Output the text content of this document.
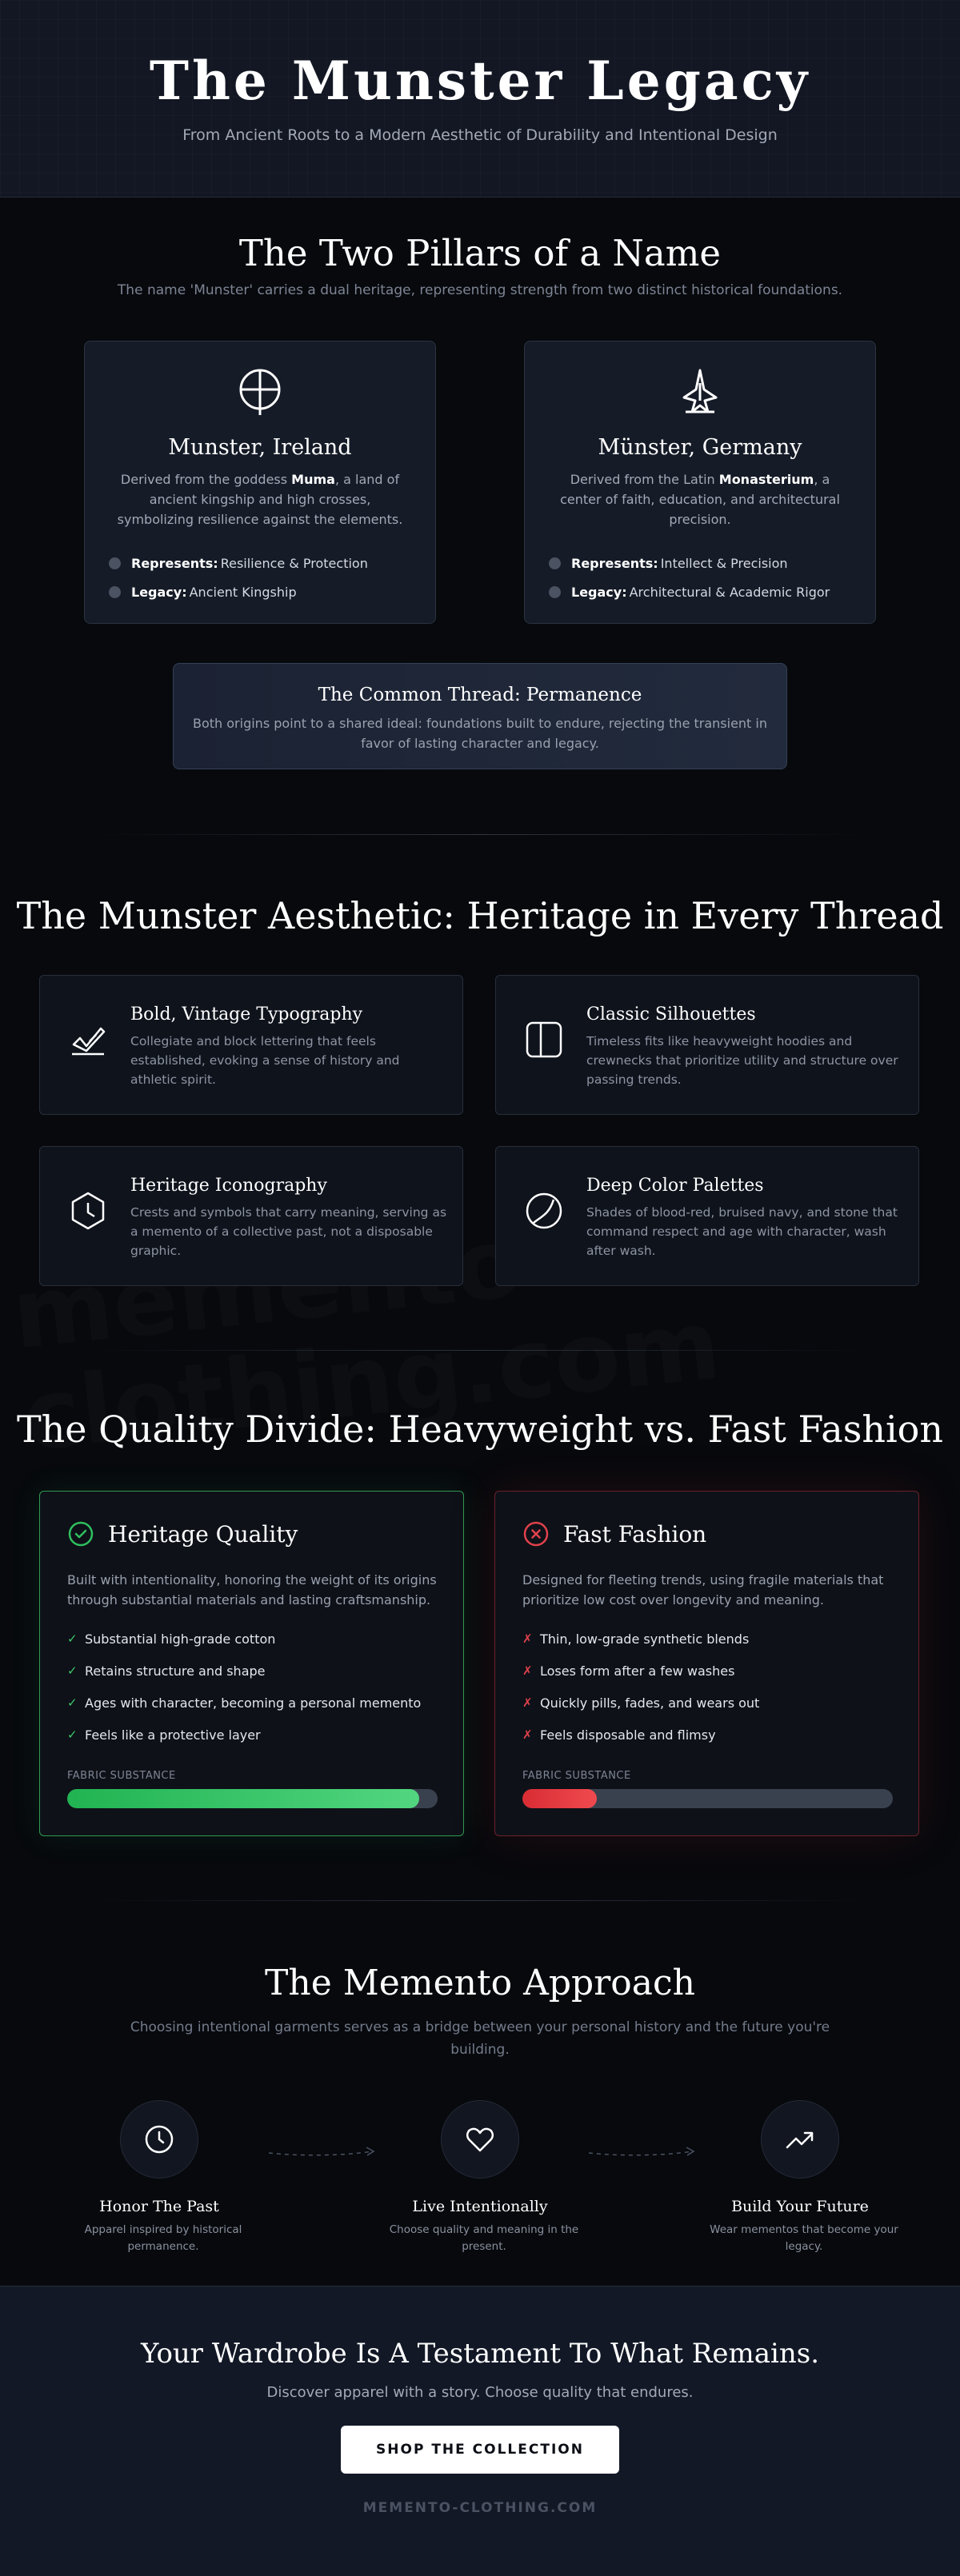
The Munster Legacy

From Ancient Roots to a Modern Aesthetic of Durability and Intentional Design

The Two Pillars of a Name

The name 'Munster' carries a dual heritage, representing strength from two distinct historical foundations.

Munster, Ireland

Derived from the goddess Muma, a land of ancient kingship and high crosses, symbolizing resilience against the elements.

Represents: Resilience & Protection
Legacy: Ancient Kingship
Münster, Germany

Derived from the Latin Monasterium, a center of faith, education, and architectural precision.

Represents: Intellect & Precision
Legacy: Architectural & Academic Rigor
The Common Thread: Permanence

Both origins point to a shared ideal: foundations built to endure, rejecting the transient in favor of lasting character and legacy.

The Munster Aesthetic: Heritage in Every Thread
Bold, Vintage Typography

Collegiate and block lettering that feels established, evoking a sense of history and athletic spirit.

Classic Silhouettes

Timeless fits like heavyweight hoodies and crewnecks that prioritize utility and structure over passing trends.

Heritage Iconography

Crests and symbols that carry meaning, serving as a memento of a collective past, not a disposable graphic.

Deep Color Palettes

Shades of blood-red, bruised navy, and stone that command respect and age with character, wash after wash.

The Quality Divide: Heavyweight vs. Fast Fashion
Heritage Quality

Built with intentionality, honoring the weight of its origins through substantial materials and lasting craftsmanship.

✓ Substantial high-grade cotton
✓ Retains structure and shape
✓ Ages with character, becoming a personal memento
✓ Feels like a protective layer
FABRIC SUBSTANCE
Fast Fashion

Designed for fleeting trends, using fragile materials that prioritize low cost over longevity and meaning.

✗ Thin, low-grade synthetic blends
✗ Loses form after a few washes
✗ Quickly pills, fades, and wears out
✗ Feels disposable and flimsy
FABRIC SUBSTANCE
The Memento Approach

Choosing intentional garments serves as a bridge between your personal history and the future you're building.

Honor The Past

Apparel inspired by historical permanence.

Live Intentionally

Choose quality and meaning in the present.

Build Your Future

Wear mementos that become your legacy.

Your Wardrobe Is A Testament To What Remains.

Discover apparel with a story. Choose quality that endures.

SHOP THE COLLECTION
MEMENTO-CLOTHING.COM
